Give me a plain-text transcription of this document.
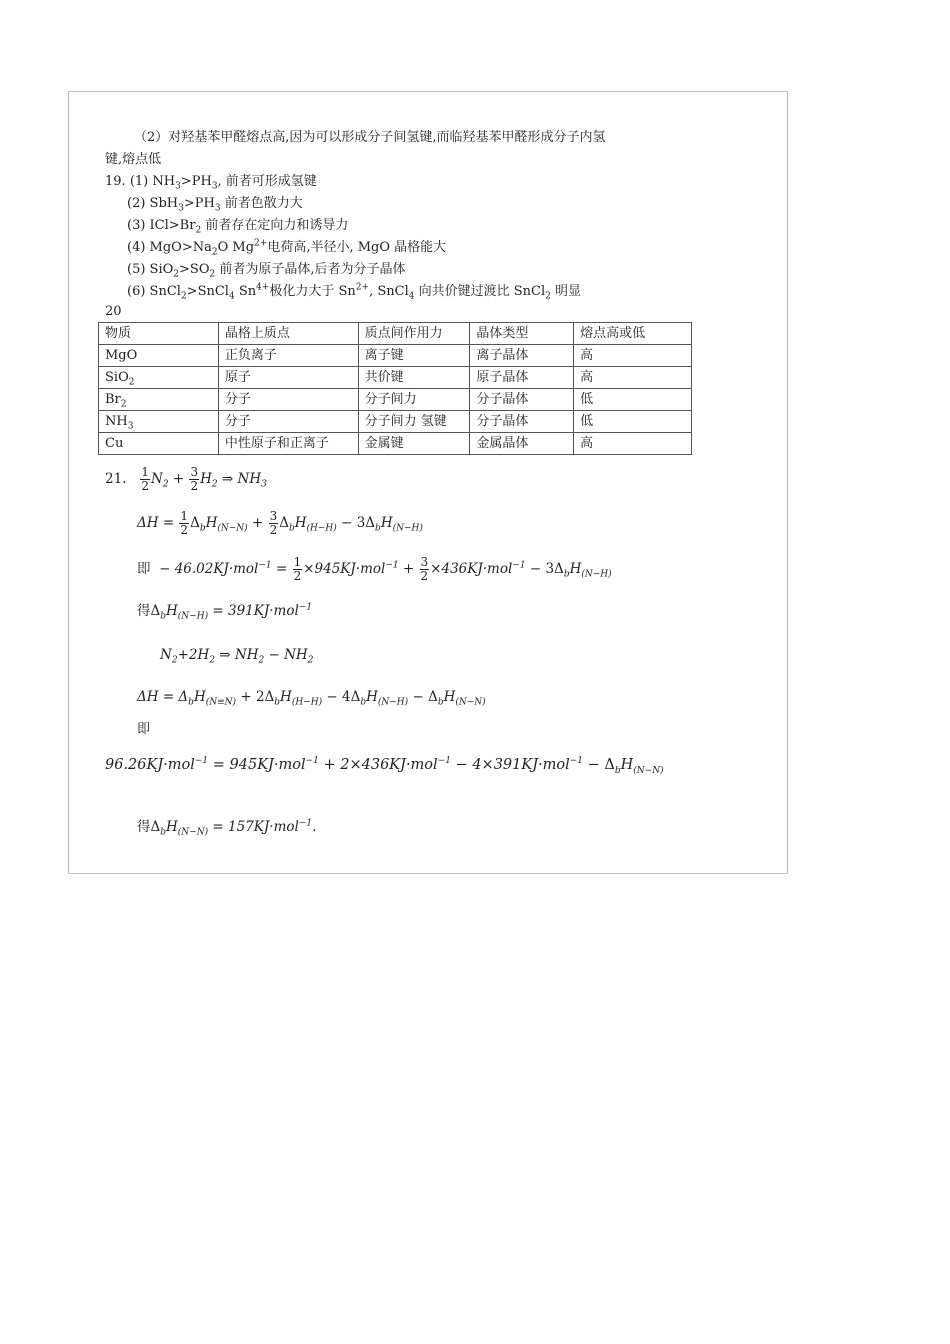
（2）对羟基苯甲醛熔点高,因为可以形成分子间氢键,而临羟基苯甲醛形成分子内氢
键,熔点低
19. (1) $NH_3>PH_3$, 前者可形成氢键
(2) $SbH_3>PH_3$ 前者色散力大
(3) $ICl>Br_2$ 前者存在定向力和诱导力
(4) $MgO>Na_2O$ $Mg^{2+}$电荷高,半径小, MgO 晶格能大
(5) $SiO_2>SO_2$ 前者为原子晶体,后者为分子晶体
(6) SnCl$_2$>SnCl$_4$ $Sn^{4+}$极化力大于 $Sn^{2+}$, SnCl$_4$ 向共价键过渡比 SnCl$_2$ 明显
20
物质	晶格上质点	质点间作用力	晶体类型	熔点高或低
MgO	正负离子	离子键	离子晶体	高
SiO$_2$	原子	共价键	原子晶体	高
$Br_2$	分子	分子间力	分子晶体	低
$NH_3$	分子	分子间力 氢键	分子晶体	低
Cu	中性原子和正离子	金属键	金属晶体	高
21. $\frac{1}{2} N_2 + \frac{3}{2} H_2$ ⇒ $NH_3$
$\Delta H = \frac{1}{2} \Delta_bH_{(N-N)} + \frac{3}{2} \Delta_bH_{(H-H)} - 3\Delta_bH_{(N-H)}$
即 − $46.02KJ\cdot mol^{-1} = \frac{1}{2} \times 945KJ\cdot mol^{-1} + \frac{3}{2} \times 436KJ\cdot mol^{-1} - 3\Delta_bH_{(N-H)}$
得$\Delta_bH_{(N-H)} = 391KJ\cdot mol^{-1}$
$N_2+2H_2$ ⇒ $NH_2 - NH_2$
$\Delta H = \Delta_bH_{(N\equiv N)} + 2\Delta_bH_{(H-H)} - 4\Delta_bH_{(N-H)} - \Delta_bH_{(N-N)}$
即
$96.26KJ\cdot mol^{-1} = 945KJ\cdot mol^{-1} + 2\times 436KJ\cdot mol^{-1} - 4\times 391KJ\cdot mol^{-1} - \Delta_bH_{(N-N)}$
得$\Delta_bH_{(N-N)} = 157KJ\cdot mol^{-1}$.
